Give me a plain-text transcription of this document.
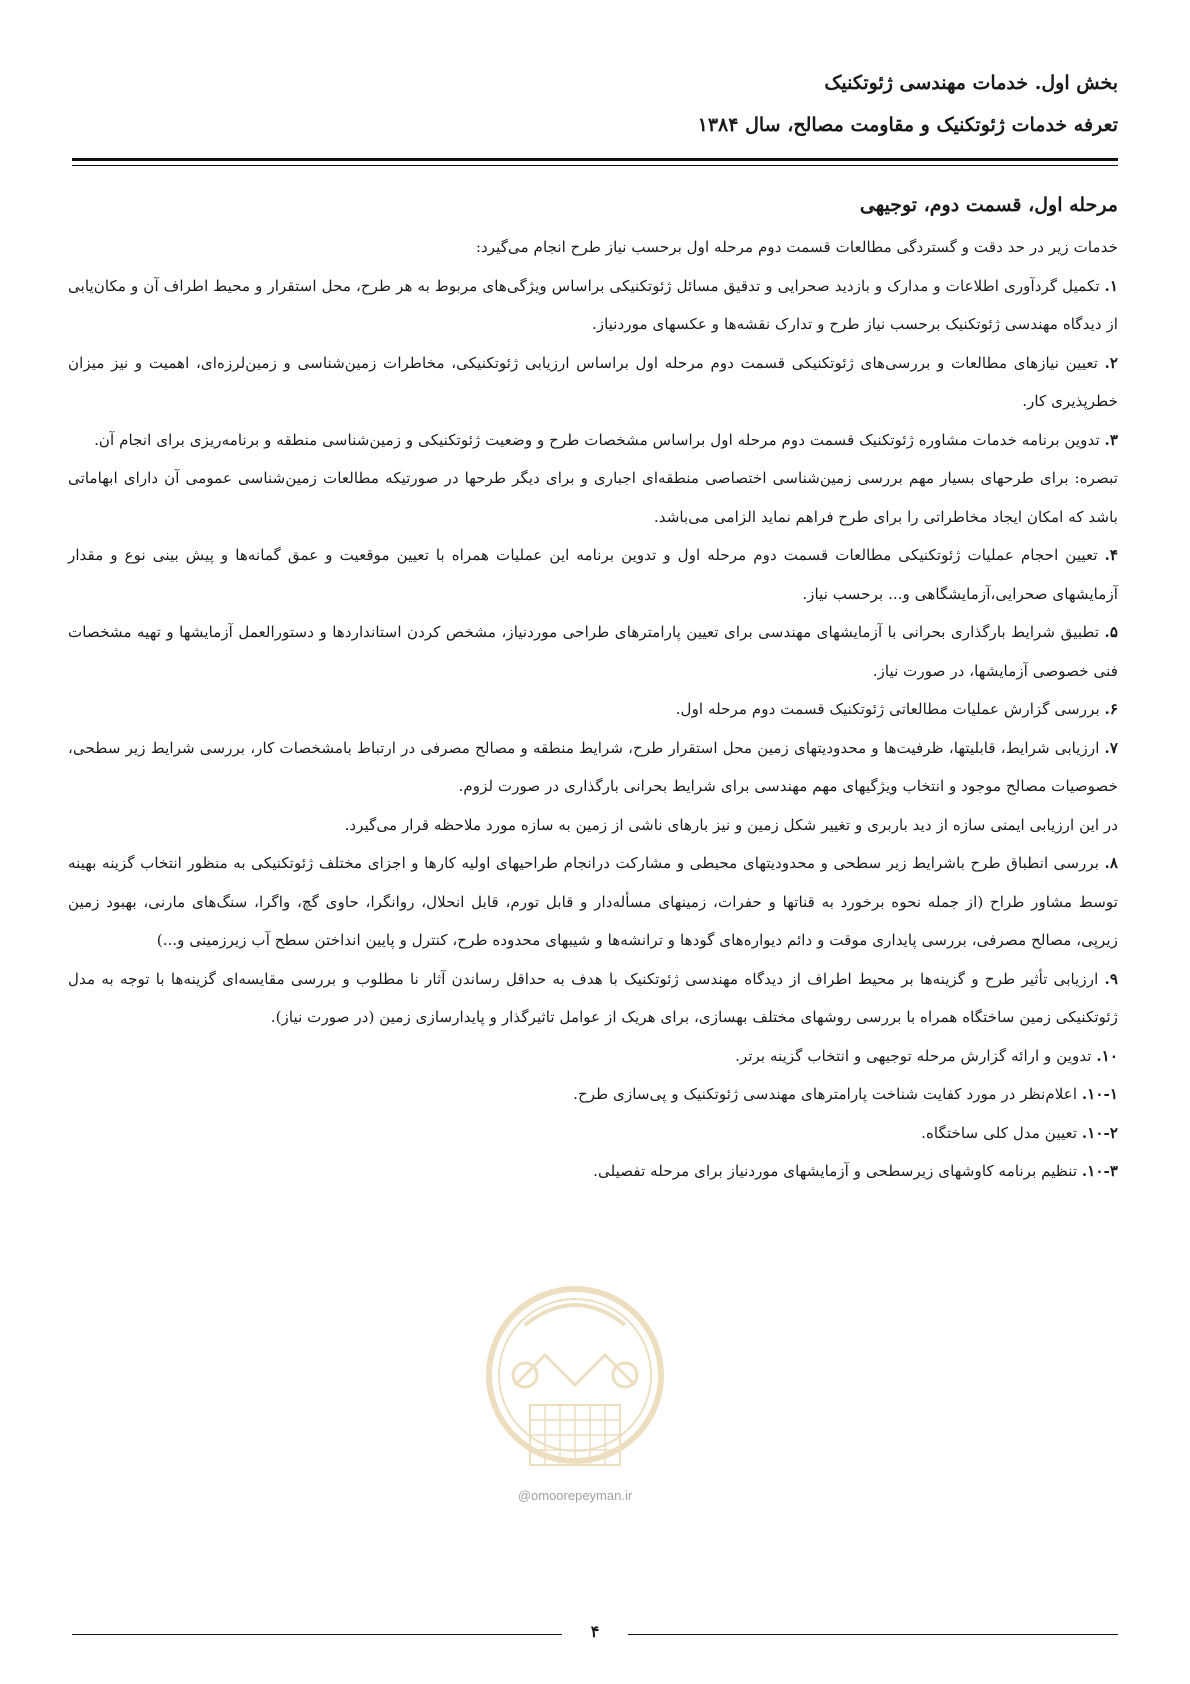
بخش اول. خدمات مهندسی ژئوتکنیک
تعرفه خدمات ژئوتکنیک و مقاومت مصالح، سال ۱۳۸۴
مرحله اول، قسمت دوم، توجیهی

خدمات زیر در حد دقت و گستردگی مطالعات قسمت دوم مرحله اول برحسب نیاز طرح انجام می‌گیرد:

۱. تکمیل گردآوری اطلاعات و مدارک و بازدید صحرایی و تدقیق مسائل ژئوتکنیکی براساس ویژگی‌های مربوط به هر طرح، محل استقرار و محیط اطراف آن و مکان‌یابی از دیدگاه مهندسی ژئوتکنیک برحسب نیاز طرح و تدارک نقشه‌ها و عکسهای موردنیاز.

۲. تعیین نیازهای مطالعات و بررسی‌های ژئوتکنیکی قسمت دوم مرحله اول براساس ارزیابی ژئوتکنیکی، مخاطرات زمین‌شناسی و زمین‌لرزه‌ای، اهمیت و نیز میزان خطرپذیری کار.

۳. تدوین برنامه خدمات مشاوره ژئوتکنیک قسمت دوم مرحله اول براساس مشخصات طرح و وضعیت ژئوتکنیکی و زمین‌شناسی منطقه و برنامه‌ریزی برای انجام آن.

تبصره: برای طرحهای بسیار مهم بررسی زمین‌شناسی اختصاصی منطقه‌ای اجباری و برای دیگر طرحها در صورتیکه مطالعات زمین‌شناسی عمومی آن دارای ابهاماتی باشد که امکان ایجاد مخاطراتی را برای طرح فراهم نماید الزامی می‌باشد.

۴. تعیین احجام عملیات ژئوتکنیکی مطالعات قسمت دوم مرحله اول و تدوین برنامه این عملیات همراه با تعیین موقعیت و عمق گمانه‌ها و پیش بینی نوع و مقدار آزمایشهای صحرایی،آزمایشگاهی و... برحسب نیاز.

۵. تطبیق شرایط بارگذاری بحرانی با آزمایشهای مهندسی برای تعیین پارامترهای طراحی موردنیاز، مشخص کردن استانداردها و دستورالعمل آزمایشها و تهیه مشخصات فنی خصوصی آزمایشها، در صورت نیاز.

۶. بررسی گزارش عملیات مطالعاتی ژئوتکنیک قسمت دوم مرحله اول.

۷. ارزیابی شرایط، قابلیتها، ظرفیت‌ها و محدودیتهای زمین محل استقرار طرح، شرایط منطقه و مصالح مصرفی در ارتباط بامشخصات کار، بررسی شرایط زیر سطحی، خصوصیات مصالح موجود و انتخاب ویژگیهای مهم مهندسی برای شرایط بحرانی بارگذاری در صورت لزوم.

در این ارزیابی ایمنی سازه از دید باربری و تغییر شکل زمین و نیز بارهای ناشی از زمین به سازه مورد ملاحظه قرار می‌گیرد.

۸. بررسی انطباق طرح باشرایط زیر سطحی و محدودیتهای محیطی و مشارکت درانجام طراحیهای اولیه کارها و اجزای مختلف ژئوتکنیکی به منظور انتخاب گزینه بهینه توسط مشاور طراح (از جمله نحوه برخورد به قناتها و حفرات، زمینهای مسأله‌دار و قابل تورم، قابل انحلال، روانگرا، حاوی گچ، واگرا، سنگ‌های مارنی، بهبود زمین زیرپی، مصالح مصرفی، بررسی پایداری موقت و دائم دیواره‌های گودها و ترانشه‌ها و شیبهای محدوده طرح، کنترل و پایین انداختن سطح آب زیرزمینی و...)

۹. ارزیابی تأثیر طرح و گزینه‌ها بر محیط اطراف از دیدگاه مهندسی ژئوتکنیک با هدف به حداقل رساندن آثار نا مطلوب و بررسی مقایسه‌ای گزینه‌ها با توجه به مدل ژئوتکنیکی زمین ساختگاه همراه با بررسی روشهای مختلف بهسازی، برای هریک از عوامل تاثیرگذار و پایدارسازی زمین (در صورت نیاز).

۱۰. تدوین و ارائه گزارش مرحله توجیهی و انتخاب گزینه برتر.

۱۰-۱. اعلام‌نظر در مورد کفایت شناخت پارامترهای مهندسی ژئوتکنیک و پی‌سازی طرح.

۱۰-۲. تعیین مدل کلی ساختگاه.

۱۰-۳. تنظیم برنامه کاوشهای زیرسطحی و آزمایشهای موردنیاز برای مرحله تفصیلی.

@omoorepeyman.ir
۴
